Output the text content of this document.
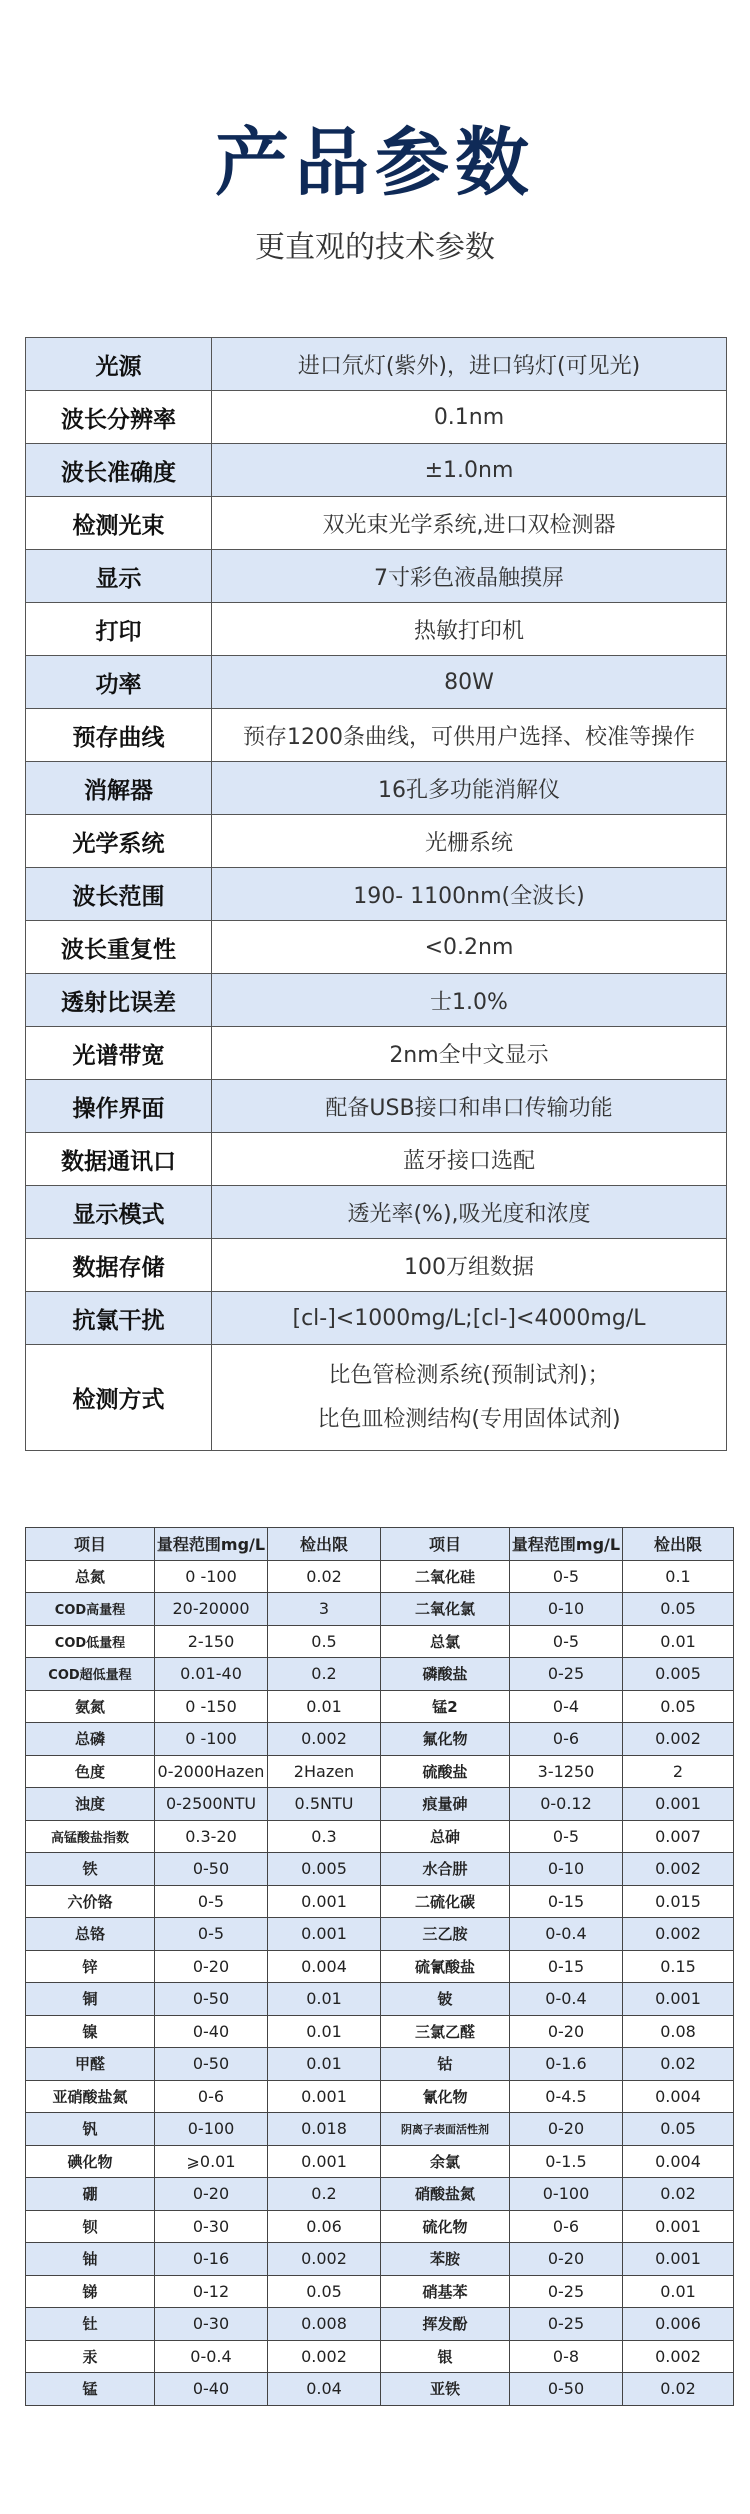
产品参数
更直观的技术参数
光源	进口氘灯(紫外)，进口钨灯(可见光)
波长分辨率	0.1nm
波长准确度	±1.0nm
检测光束	双光束光学系统,进口双检测器
显示	7寸彩色液晶触摸屏
打印	热敏打印机
功率	80W
预存曲线	预存1200条曲线，可供用户选择、校准等操作
消解器	16孔多功能消解仪
光学系统	光栅系统
波长范围	190- 1100nm(全波长)
波长重复性	<0.2nm
透射比误差	士1.0%
光谱带宽	2nm全中文显示
操作界面	配备USB接口和串口传输功能
数据通讯口	蓝牙接口选配
显示模式	透光率(%),吸光度和浓度
数据存储	100万组数据
抗氯干扰	[cl-]<1000mg/L;[cl-]<4000mg/L
检测方式	比色管检测系统(预制试剂)；
比色皿检测结构(专用固体试剂)
项目	量程范围mg/L	检出限	项目	量程范围mg/L	检出限
总氮	0 -100	0.02	二氧化硅	0-5	0.1
COD高量程	20-20000	3	二氧化氯	0-10	0.05
COD低量程	2-150	0.5	总氯	0-5	0.01
COD超低量程	0.01-40	0.2	磷酸盐	0-25	0.005
氨氮	0 -150	0.01	锰2	0-4	0.05
总磷	0 -100	0.002	氟化物	0-6	0.002
色度	0-2000Hazen	2Hazen	硫酸盐	3-1250	2
浊度	0-2500NTU	0.5NTU	痕量砷	0-0.12	0.001
高锰酸盐指数	0.3-20	0.3	总砷	0-5	0.007
铁	0-50	0.005	水合肼	0-10	0.002
六价铬	0-5	0.001	二硫化碳	0-15	0.015
总铬	0-5	0.001	三乙胺	0-0.4	0.002
锌	0-20	0.004	硫氰酸盐	0-15	0.15
铜	0-50	0.01	铍	0-0.4	0.001
镍	0-40	0.01	三氯乙醛	0-20	0.08
甲醛	0-50	0.01	钴	0-1.6	0.02
亚硝酸盐氮	0-6	0.001	氰化物	0-4.5	0.004
钒	0-100	0.018	阴离子表面活性剂	0-20	0.05
碘化物	⩾0.01	0.001	余氯	0-1.5	0.004
硼	0-20	0.2	硝酸盐氮	0-100	0.02
钡	0-30	0.06	硫化物	0-6	0.001
铀	0-16	0.002	苯胺	0-20	0.001
锑	0-12	0.05	硝基苯	0-25	0.01
钍	0-30	0.008	挥发酚	0-25	0.006
汞	0-0.4	0.002	银	0-8	0.002
锰	0-40	0.04	亚铁	0-50	0.02
